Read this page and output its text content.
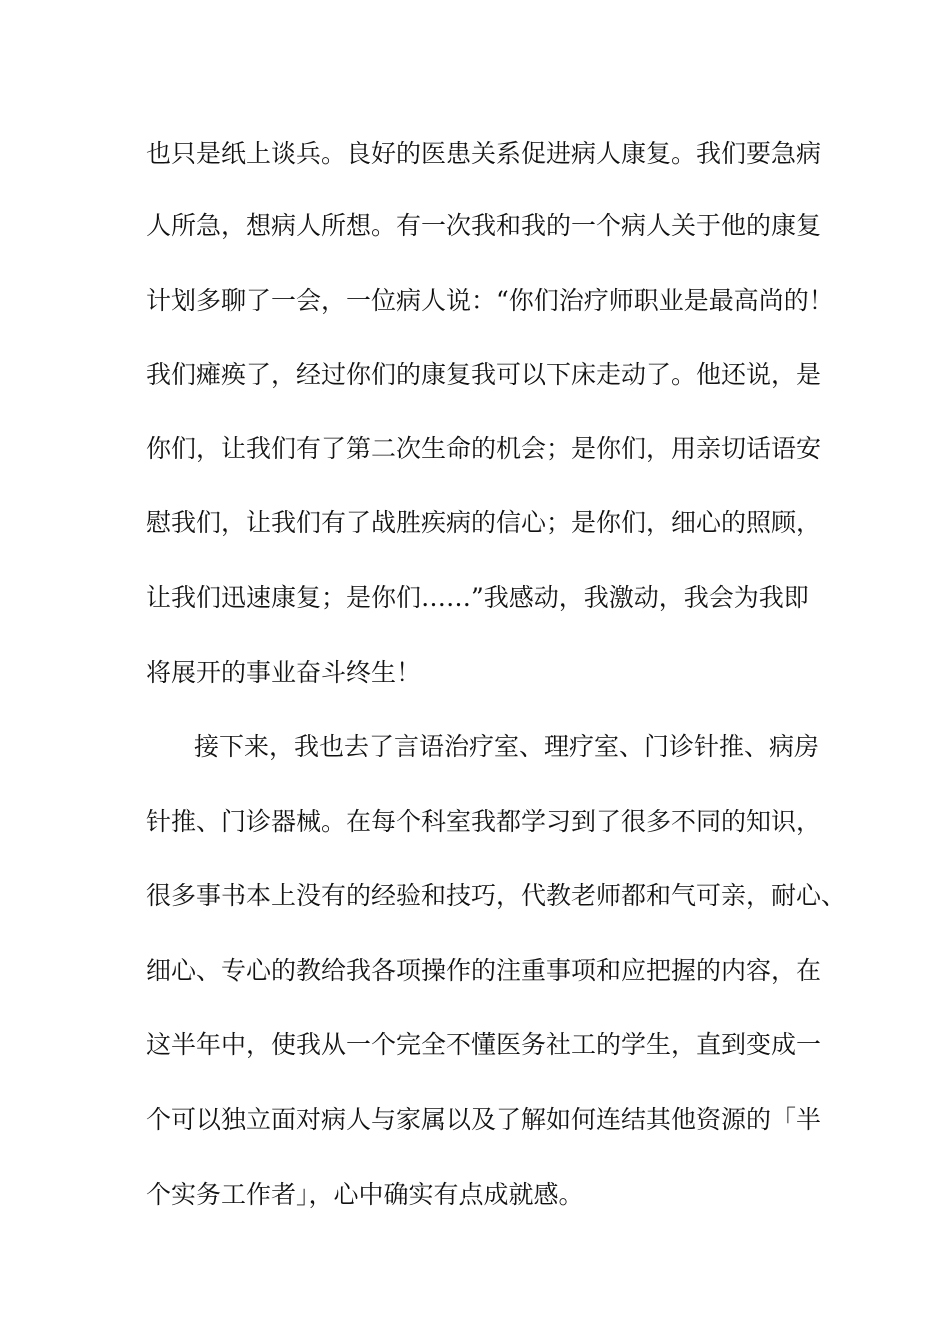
也只是纸上谈兵。良好的医患关系促进病人康复。我们要急病
人所急，想病人所想。有一次我和我的一个病人关于他的康复
计划多聊了一会，一位病人说：“你们治疗师职业是最高尚的！
我们瘫痪了，经过你们的康复我可以下床走动了。他还说，是
你们，让我们有了第二次生命的机会；是你们，用亲切话语安
慰我们，让我们有了战胜疾病的信心；是你们，细心的照顾，
让我们迅速康复；是你们……”我感动，我激动，我会为我即
将展开的事业奋斗终生！
接下来，我也去了言语治疗室、理疗室、门诊针推、病房
针推、门诊器械。在每个科室我都学习到了很多不同的知识，
很多事书本上没有的经验和技巧，代教老师都和气可亲，耐心、
细心、专心的教给我各项操作的注重事项和应把握的内容，在
这半年中，使我从一个完全不懂医务社工的学生，直到变成一
个可以独立面对病人与家属以及了解如何连结其他资源的「半
个实务工作者」，心中确实有点成就感。
